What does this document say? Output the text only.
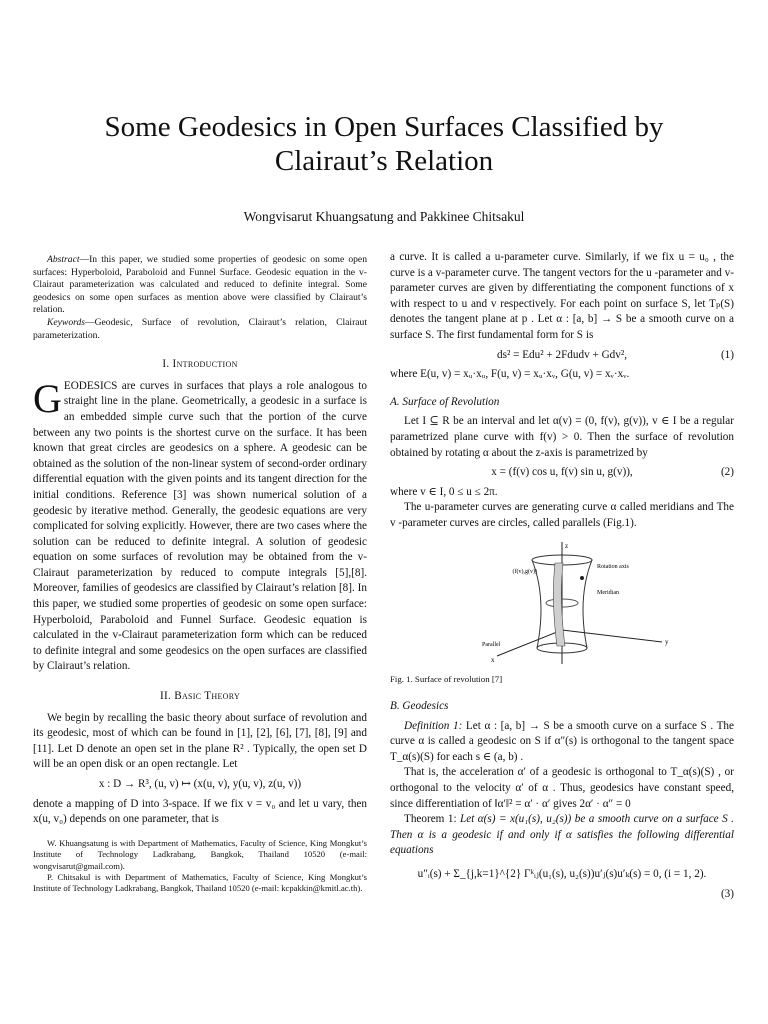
Some Geodesics in Open Surfaces Classified by
Clairaut’s Relation
Wongvisarut Khuangsatung and Pakkinee Chitsakul
Abstract—In this paper, we studied some properties of geodesic on some open surfaces: Hyperboloid, Paraboloid and Funnel Surface. Geodesic equation in the v-Clairaut parameterization was calculated and reduced to definite integral. Some geodesics on some open surfaces as mention above were classified by Clairaut’s relation.
Keywords—Geodesic, Surface of revolution, Clairaut’s relation, Clairaut parameterization.
I. Introduction

GEODESICS are curves in surfaces that plays a role analogous to straight line in the plane. Geometrically, a geodesic in a surface is an embedded simple curve such that the portion of the curve between any two points is the shortest curve on the surface. It has been known that great circles are geodesics on a sphere. A geodesic can be obtained as the solution of the non-linear system of second-order ordinary differential equation with the given points and its tangent direction for the initial conditions. Reference [3] was shown numerical solution of a geodesic by iterative method. Generally, the geodesic equations are very complicated for solving explicitly. However, there are two cases where the solution can be reduced to definite integral. A solution of geodesic equation on some surfaces of revolution may be obtained from the v-Clairaut parameterization by reduced to compute integrals [5],[8]. Moreover, families of geodesics are classified by Clairaut’s relation [8]. In this paper, we studied some properties of geodesic on some open surface: Hyperboloid, Paraboloid and Funnel Surface. Geodesic equation is calculated in the v-Clairaut parameterization form which can be reduced to definite integral and some geodesics on the open surfaces are classified by Clairaut’s relation.

II. Basic Theory

We begin by recalling the basic theory about surface of revolution and its geodesic, most of which can be found in [1], [2], [6], [7], [8], [9] and [11]. Let D denote an open set in the plane R² . Typically, the open set D will be an open disk or an open rectangle. Let

x : D → R³, (u, v) ↦ (x(u, v), y(u, v), z(u, v))

denote a mapping of D into 3-space. If we fix v = v₀ and let u vary, then x(u, v₀) depends on one parameter, that is

W. Khuangsatung is with Department of Mathematics, Faculty of Science, King Mongkut’s Institute of Technology Ladkrabang, Bangkok, Thailand 10520 (e-mail: wongvisarut@gmail.com).

P. Chitsakul is with Department of Mathematics, Faculty of Science, King Mongkut’s Institute of Technology Ladkrabang, Bangkok, Thailand 10520 (e-mail: kcpakkin@kmitl.ac.th).

a curve. It is called a u-parameter curve. Similarly, if we fix u = u₀ , the curve is a v-parameter curve. The tangent vectors for the u -parameter and v-parameter curves are given by differentiating the component functions of x with respect to u and v respectively. For each point on surface S, let Tₚ(S) denotes the tangent plane at p . Let α : [a, b] → S be a smooth curve on a surface S. The first fundamental form for S is

ds² = Edu² + 2Fdudv + Gdv²,	(1)

where E(u, v) = xᵤ·xᵤ, F(u, v) = xᵤ·xᵥ, G(u, v) = xᵥ·xᵥ.

A. Surface of Revolution

Let I ⊆ R be an interval and let α(v) = (0, f(v), g(v)), v ∈ I be a regular parametrized plane curve with f(v) > 0. Then the surface of revolution obtained by rotating α about the z-axis is parametrized by

x = (f(v) cos u, f(v) sin u, g(v)),	(2)

where v ∈ I, 0 ≤ u ≤ 2π.

The u-parameter curves are generating curve α called meridians and The v -parameter curves are circles, called parallels (Fig.1).

z
Rotation axis
(f(v),g(v))
Meridian
Parallel	y
x
Fig. 1. Surface of revolution [7]
B. Geodesics

Definition 1: Let α : [a, b] → S be a smooth curve on a surface S . The curve α is called a geodesic on S if α″(s) is orthogonal to the tangent space T_α(s)(S) for each s ∈ (a, b) .

That is, the acceleration α′ of a geodesic is orthogonal to T_α(s)(S) , or orthogonal to the velocity α′ of α . Thus, geodesics have constant speed, since differentiation of ‖α′‖² = α′ · α′ gives 2α′ · α″ = 0

Theorem 1: Let α(s) = x(u₁(s), u₂(s)) be a smooth curve on a surface S . Then α is a geodesic if and only if α satisfies the following differential equations

u″ᵢ(s) + Σ_{j,k=1}^{2} Γᵏᵢⱼ(u₁(s), u₂(s))u′ⱼ(s)u′ₖ(s) = 0, (i = 1, 2).
(3)
